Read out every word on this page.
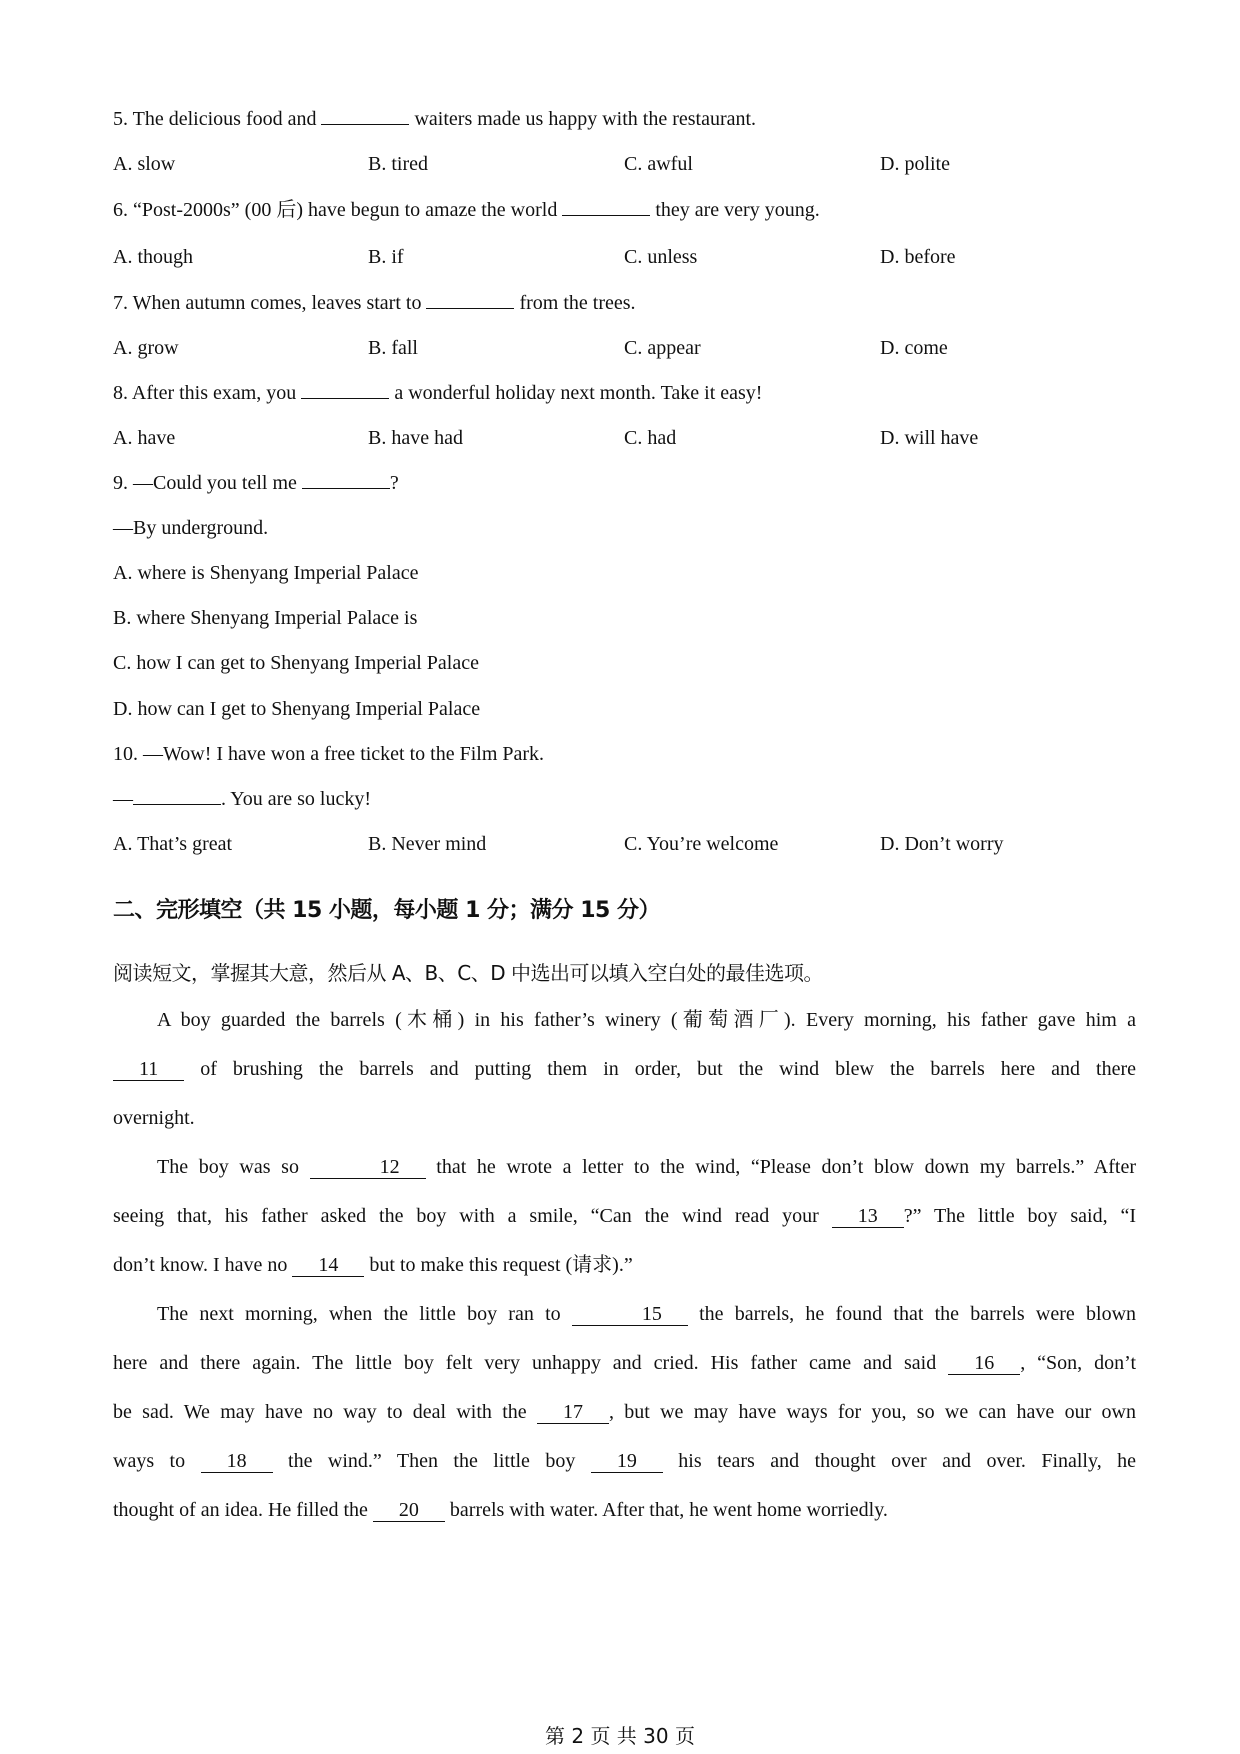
5. The delicious food and	waiters made us happy with the restaurant.
A. slow	B. tired	C. awful	D. polite
6. “Post-2000s” (00 后) have begun to amaze the world	they are very young.
A. though	B. if	C. unless	D. before
7. When autumn comes, leaves start to	from the trees.
A. grow	B. fall	C. appear	D. come
8. After this exam, you	a wonderful holiday next month. Take it easy!
A. have	B. have had	C. had	D. will have
9. —Could you tell me	?
—By underground.
A. where is Shenyang Imperial Palace
B. where Shenyang Imperial Palace is
C. how I can get to Shenyang Imperial Palace
D. how can I get to Shenyang Imperial Palace
10. —Wow! I have won a free ticket to the Film Park.
—	. You are so lucky!
A. That’s great	B. Never mind	C. You’re welcome	D. Don’t worry
二、完形填空（共 15 小题，每小题 1 分；满分 15 分）
阅读短文，掌握其大意，然后从 A、B、C、D 中选出可以填入空白处的最佳选项。
A boy guarded the barrels (木桶) in his father’s winery (葡萄酒厂). Every morning, his father gave him a
11 of brushing the barrels and putting them in order, but the wind blew the barrels here and there
overnight.
The boy was so	12 that he wrote a letter to the wind, “Please don’t blow down my barrels.” After
seeing that, his father asked the boy with a smile, “Can the wind read your 13 ?” The little boy said, “I
don’t know. I have no 14 but to make this request (请求).”
The next morning, when the little boy ran to	15 the barrels, he found that the barrels were blown
here and there again. The little boy felt very unhappy and cried. His father came and said 16 , “Son, don’t
be sad. We may have no way to deal with the 17 , but we may have ways for you, so we can have our own
ways to 18 the wind.” Then the little boy 19 his tears and thought over and over. Finally, he
thought of an idea. He filled the 20 barrels with water. After that, he went home worriedly.
第 2 页 共 30 页
